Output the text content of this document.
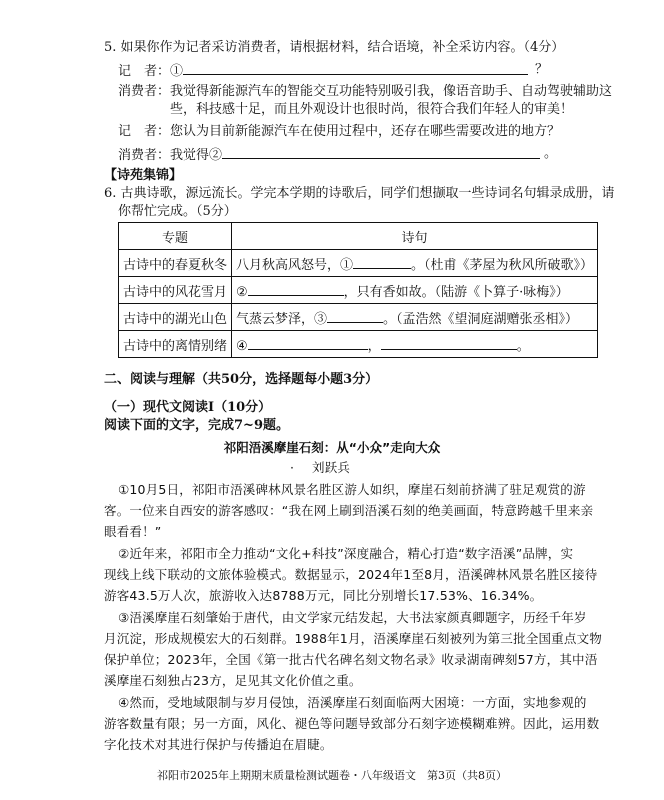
5. 如果你作为记者采访消费者，请根据材料，结合语境，补全采访内容。（4分）
记　者：①	？
消费者：我觉得新能源汽车的智能交互功能特别吸引我，像语音助手、自动驾驶辅助这
些，科技感十足，而且外观设计也很时尚，很符合我们年轻人的审美！
记　者：您认为目前新能源汽车在使用过程中，还存在哪些需要改进的地方？
消费者：我觉得②	。
【诗苑集锦】
6. 古典诗歌，源远流长。学完本学期的诗歌后，同学们想撷取一些诗词名句辑录成册，请
你帮忙完成。（5分）
专题	诗句
古诗中的春夏秋冬	八月秋高风怒号，① 。（杜甫《茅屋为秋风所破歌》）
古诗中的风花雪月	② ，只有香如故。（陆游《卜算子·咏梅》）
古诗中的湖光山色	气蒸云梦泽，③ 。（孟浩然《望洞庭湖赠张丞相》）
古诗中的离情别绪	④ ， 。
二、阅读与理解（共50分，选择题每小题3分）
（一）现代文阅读Ⅰ（10分）
阅读下面的文字，完成7~9题。
祁阳浯溪摩崖石刻：从“小众”走向大众
· 刘跃兵
①10月5日，祁阳市浯溪碑林风景名胜区游人如织，摩崖石刻前挤满了驻足观赏的游
客。一位来自西安的游客感叹：“我在网上刷到浯溪石刻的绝美画面，特意跨越千里来亲
眼看看！”
②近年来，祁阳市全力推动“文化+科技”深度融合，精心打造“数字浯溪”品牌，实
现线上线下联动的文旅体验模式。数据显示，2024年1至8月，浯溪碑林风景名胜区接待
游客43.5万人次，旅游收入达8788万元，同比分别增长17.53%、16.34%。
③浯溪摩崖石刻肇始于唐代，由文学家元结发起，大书法家颜真卿题字，历经千年岁
月沉淀，形成规模宏大的石刻群。1988年1月，浯溪摩崖石刻被列为第三批全国重点文物
保护单位；2023年，全国《第一批古代名碑名刻文物名录》收录湖南碑刻57方，其中浯
溪摩崖石刻独占23方，足见其文化价值之重。
④然而，受地域限制与岁月侵蚀，浯溪摩崖石刻面临两大困境：一方面，实地参观的
游客数量有限；另一方面，风化、褪色等问题导致部分石刻字迹模糊难辨。因此，运用数
字化技术对其进行保护与传播迫在眉睫。
祁阳市2025年上期期末质量检测试题卷・八年级语文　第3页（共8页）
